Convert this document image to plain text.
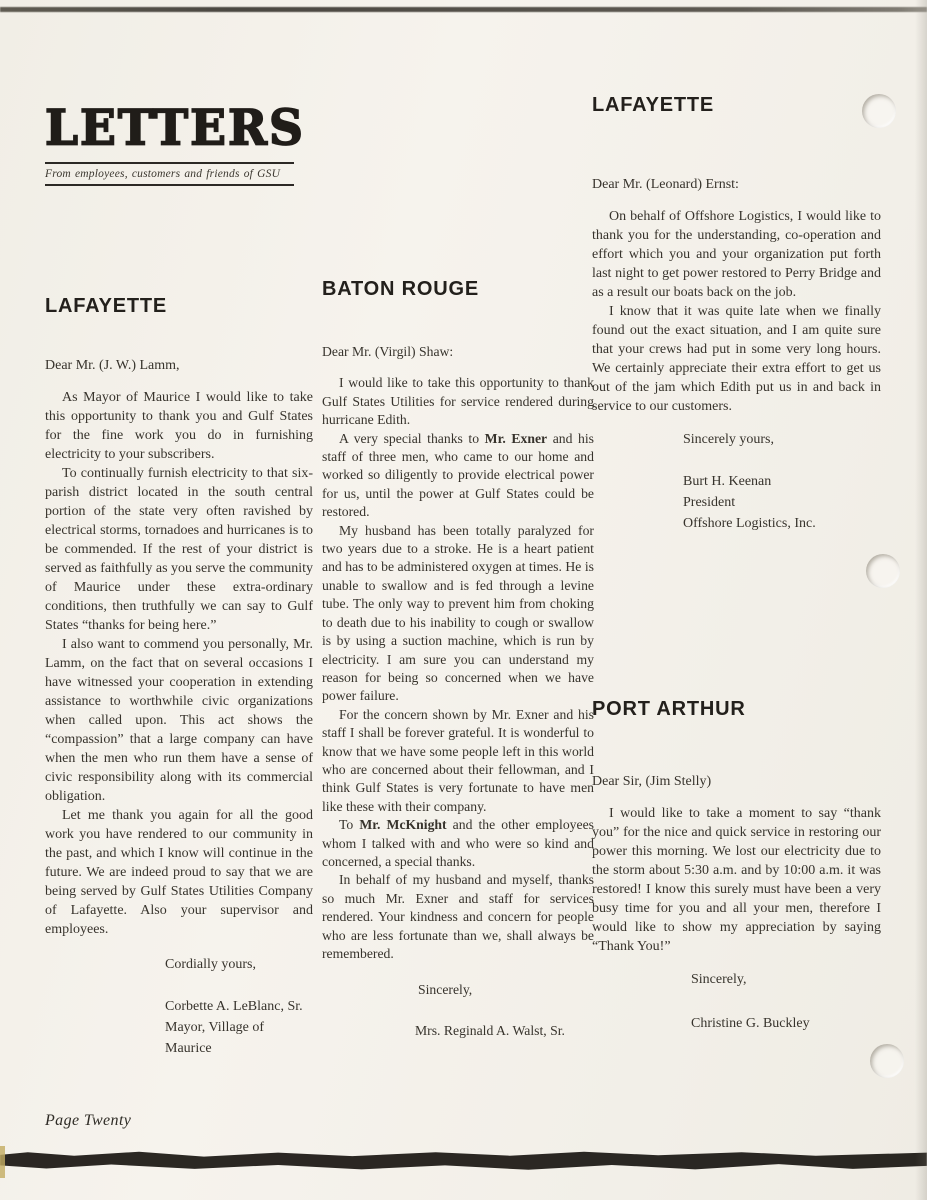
LETTERS
From employees, customers and friends of GSU
LAFAYETTE
Dear Mr. (J. W.) Lamm,

As Mayor of Maurice I would like to take this opportunity to thank you and Gulf States for the fine work you do in furnishing electricity to your subscribers.

To continually furnish electricity to that six-parish district located in the south central portion of the state very often ravished by electrical storms, tornadoes and hurricanes is to be commended. If the rest of your district is served as faithfully as you serve the community of Maurice under these extra-ordinary conditions, then truthfully we can say to Gulf States “thanks for being here.”

I also want to commend you personally, Mr. Lamm, on the fact that on several occasions I have witnessed your cooperation in extending assistance to worthwhile civic organizations when called upon. This act shows the “compassion” that a large company can have when the men who run them have a sense of civic responsibility along with its commercial obligation.

Let me thank you again for all the good work you have rendered to our community in the past, and which I know will continue in the future. We are indeed proud to say that we are being served by Gulf States Utilities Company of Lafayette. Also your supervisor and employees.

Cordially yours,
Corbette A. LeBlanc, Sr.
Mayor, Village of Maurice
BATON ROUGE
Dear Mr. (Virgil) Shaw:

I would like to take this opportunity to thank Gulf States Utilities for service rendered during hurricane Edith.

A very special thanks to Mr. Exner and his staff of three men, who came to our home and worked so diligently to provide electrical power for us, until the power at Gulf States could be restored.

My husband has been totally paralyzed for two years due to a stroke. He is a heart patient and has to be administered oxygen at times. He is unable to swallow and is fed through a levine tube. The only way to prevent him from choking to death due to his inability to cough or swallow is by using a suction machine, which is run by electricity. I am sure you can understand my reason for being so concerned when we have power failure.

For the concern shown by Mr. Exner and his staff I shall be forever grateful. It is wonderful to know that we have some people left in this world who are concerned about their fellowman, and I think Gulf States is very fortunate to have men like these with their company.

To Mr. McKnight and the other employees whom I talked with and who were so kind and concerned, a special thanks.

In behalf of my husband and myself, thanks so much Mr. Exner and staff for services rendered. Your kindness and concern for people who are less fortunate than we, shall always be remembered.

Sincerely,
Mrs. Reginald A. Walst, Sr.
LAFAYETTE
Dear Mr. (Leonard) Ernst:

On behalf of Offshore Logistics, I would like to thank you for the understanding, co-operation and effort which you and your organization put forth last night to get power restored to Perry Bridge and as a result our boats back on the job.

I know that it was quite late when we finally found out the exact situation, and I am quite sure that your crews had put in some very long hours. We certainly appreciate their extra effort to get us out of the jam which Edith put us in and back in service to our customers.

Sincerely yours,
Burt H. Keenan
President
Offshore Logistics, Inc.
PORT ARTHUR
Dear Sir, (Jim Stelly)

I would like to take a moment to say “thank you” for the nice and quick service in restoring our power this morning. We lost our electricity due to the storm about 5:30 a.m. and by 10:00 a.m. it was restored! I know this surely must have been a very busy time for you and all your men, therefore I would like to show my appreciation by saying “Thank You!”

Sincerely,
Christine G. Buckley
Page Twenty
